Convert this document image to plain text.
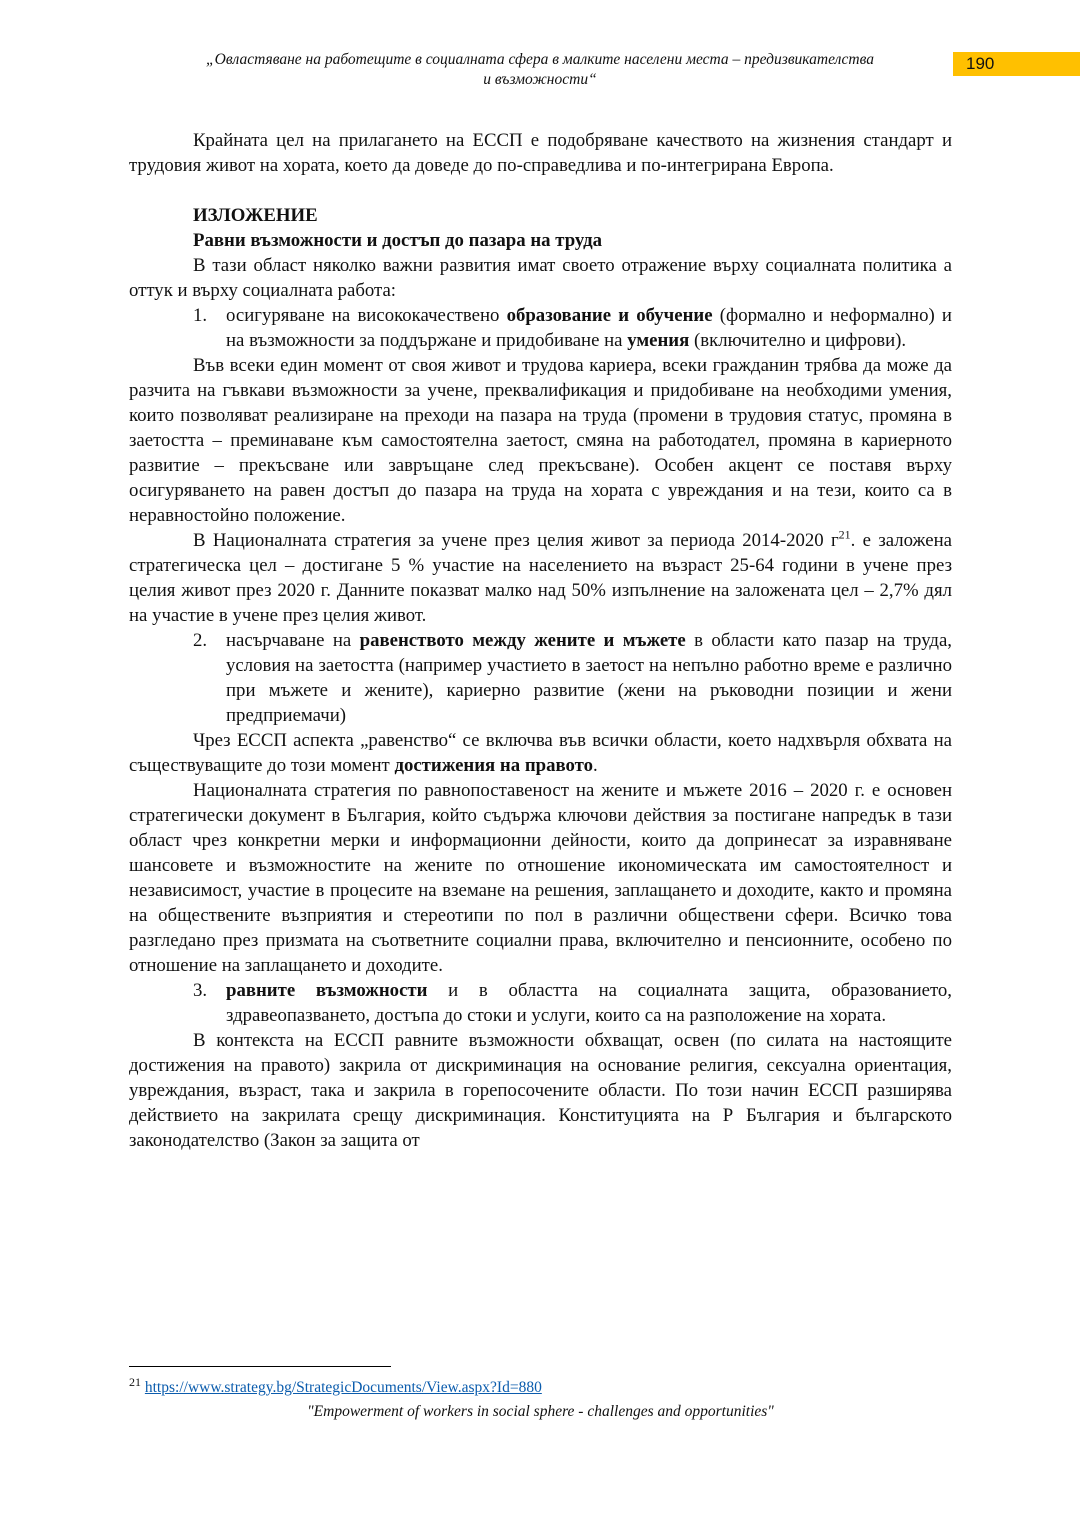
„Овластяване на работещите в социалната сфера в малките населени места – предизвикателства
и възможности“
190

Крайната цел на прилагането на ЕССП е подобряване качеството на жизнения стандарт и трудовия живот на хората, което да доведе до по-справедлива и по-интегрирана Европа.

ИЗЛОЖЕНИЕ
Равни възможности и достъп до пазара на труда

В тази област няколко важни развития имат своето отражение върху социалната политика а оттук и върху социалната работа:

1. осигуряване на висококачествено образование и обучение (формално и неформално) и на възможности за поддържане и придобиване на умения (включително и цифрови).

Във всеки един момент от своя живот и трудова кариера, всеки гражданин трябва да може да разчита на гъвкави възможности за учене, преквалификация и придобиване на необходими умения, които позволяват реализиране на преходи на пазара на труда (промени в трудовия статус, промяна в заетостта – преминаване към самостоятелна заетост, смяна на работодател, промяна в кариерното развитие – прекъсване или завръщане след прекъсване). Особен акцент се поставя върху осигуряването на равен достъп до пазара на труда на хората с увреждания и на тези, които са в неравностойно положение.

В Националната стратегия за учене през целия живот за периода 2014-2020 $г^{21}$. е заложена стратегическа цел – достигане 5 % участие на населението на възраст 25-64 години в учене през целия живот през 2020 г. Данните показват малко над 50% изпълнение на заложената цел – 2,7% дял на участие в учене през целия живот.

2. насърчаване на равенството между жените и мъжете в области като пазар на труда, условия на заетостта (например участието в заетост на непълно работно време е различно при мъжете и жените), кариерно развитие (жени на ръководни позиции и жени предприемачи)

Чрез ЕССП аспекта „равенство“ се включва във всички области, което надхвърля обхвата на съществуващите до този момент достижения на правото.

Националната стратегия по равнопоставеност на жените и мъжете 2016 – 2020 г. е основен стратегически документ в България, който съдържа ключови действия за постигане напредък в тази област чрез конкретни мерки и информационни дейности, които да допринесат за изравняване шансовете и възможностите на жените по отношение икономическата им самостоятелност и независимост, участие в процесите на вземане на решения, заплащането и доходите, както и промяна на обществените възприятия и стереотипи по пол в различни обществени сфери. Всичко това разгледано през призмата на съответните социални права, включително и пенсионните, особено по отношение на заплащането и доходите.

3. равните възможности и в областта на социалната защита, образованието, здравеопазването, достъпа до стоки и услуги, които са на разположение на хората.

В контекста на ЕССП равните възможности обхващат, освен (по силата на настоящите достижения на правото) закрила от дискриминация на основание религия, сексуална ориентация, увреждания, възраст, така и закрила в горепосочените области. По този начин ЕССП разширява действието на закрилата срещу дискриминация. Конституцията на Р България и българското законодателство (Закон за защита от

$^{21}$ https://www.strategy.bg/StrategicDocuments/View.aspx?Id=880
"Empowerment of workers in social sphere - challenges and opportunities"
